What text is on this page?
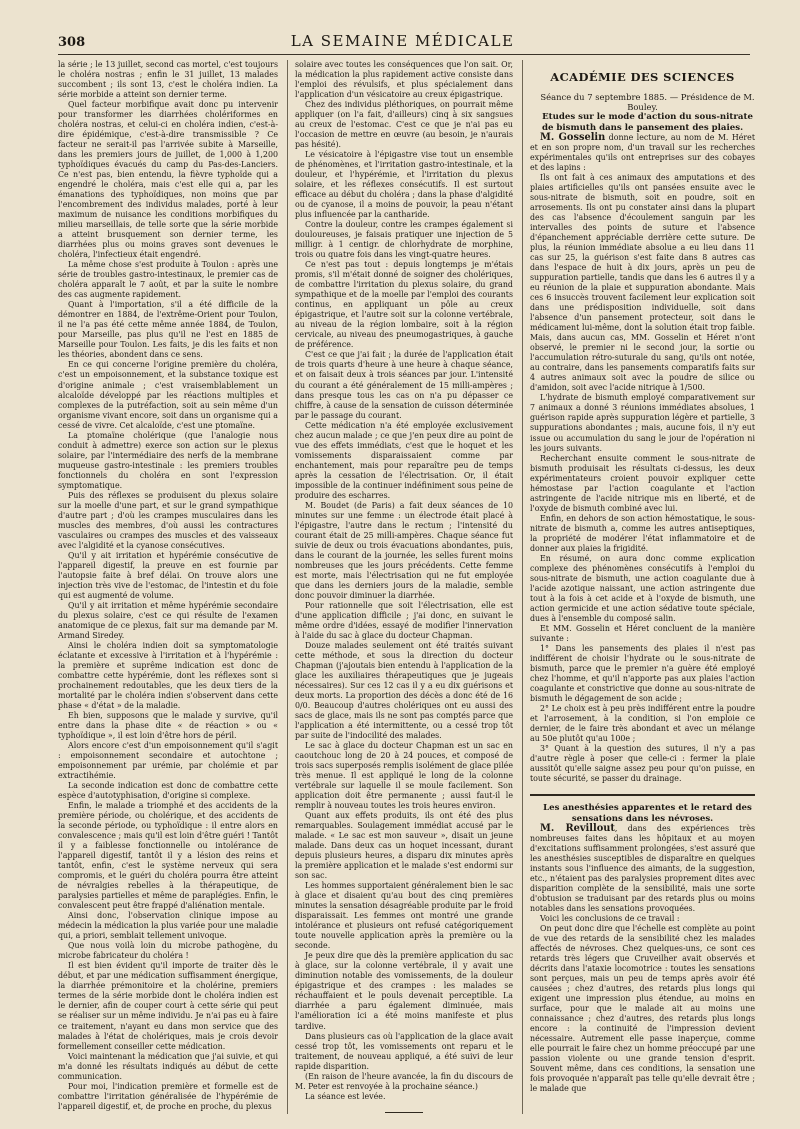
308	LA SEMAINE MÉDICALE

la série ; le 13 juillet, second cas mortel, c'est toujours le choléra nostras ; enfin le 31 juillet, 13 malades succombent ; ils sont 13, c'est le choléra indien. La série morbide a atteint son dernier terme.

Quel facteur morbifique avait donc pu intervenir pour transformer les diarrhées cholériformes en choléra nostras, et celui-ci en choléra indien, c'est-à-dire épidémique, c'est-à-dire transmissible ? Ce facteur ne serait-il pas l'arrivée subite à Marseille, dans les premiers jours de juillet, de 1,000 à 1,200 typhoïdiques évacués du camp du Pas-des-Lanciers. Ce n'est pas, bien entendu, la fièvre typhoïde qui a engendré le choléra, mais c'est elle qui a, par les émanations des typhoïdiques, non moins que par l'encombrement des individus malades, porté à leur maximum de nuisance les conditions morbifiques du milieu marseillais, de telle sorte que la série morbide a atteint brusquement son dernier terme, les diarrhées plus ou moins graves sont devenues le choléra, l'infectieux était engendré.

La même chose s'est produite à Toulon : après une série de troubles gastro-intestinaux, le premier cas de choléra apparaît le 7 août, et par la suite le nombre des cas augmente rapidement.

Quant à l'importation, s'il a été difficile de la démontrer en 1884, de l'extrême-Orient pour Toulon, il ne l'a pas été cette même année 1884, de Toulon, pour Marseille, pas plus qu'il ne l'est en 1885 de Marseille pour Toulon. Les faits, je dis les faits et non les théories, abondent dans ce sens.

En ce qui concerne l'origine première du choléra, c'est un empoisonnement, et la substance toxique est d'origine animale ; c'est vraisemblablement un alcaloïde développé par les réactions multiples et complexes de la putréfaction, soit au sein même d'un organisme vivant encore, soit dans un organisme qui a cessé de vivre. Cet alcaloïde, c'est une ptomaïne.

La ptomaïne cholérique (que l'analogie nous conduit à admettre) exerce son action sur le plexus solaire, par l'intermédiaire des nerfs de la membrane muqueuse gastro-intestinale : les premiers troubles fonctionnels du choléra en sont l'expression symptomatique.

Puis des réflexes se produisent du plexus solaire sur la moelle d'une part, et sur le grand sympathique d'autre part ; d'où les crampes musculaires dans les muscles des membres, d'où aussi les contractures vasculaires ou crampes des muscles et des vaisseaux avec l'algidité et la cyanose consécutives.

Qu'il y ait irritation et hypérémie consécutive de l'appareil digestif, la preuve en est fournie par l'autopsie faite à bref délai. On trouve alors une injection très vive de l'estomac, de l'intestin et du foie qui est augmenté de volume.

Qu'il y ait irritation et même hypérémie secondaire du plexus solaire, c'est ce qui résulte de l'examen anatomique de ce plexus, fait sur ma demande par M. Armand Siredey.

Ainsi le choléra indien doit sa symptomatologie éclatante et excessive à l'irritation et à l'hypérémie : la première et suprême indication est donc de combattre cette hypérémie, dont les réflexes sont si prochainement redoutables, que les deux tiers de la mortalité par le choléra indien s'observent dans cette phase « d'état » de la maladie.

Eh bien, supposons que le malade y survive, qu'il entre dans la phase dite « de réaction » ou « typhoïdique », il est loin d'être hors de péril.

Alors encore c'est d'un empoisonnement qu'il s'agit : empoisonnement secondaire et autochtone ; empoisonnement par urémie, par cholémie et par extractihémie.

La seconde indication est donc de combattre cette espèce d'autotyphisation, d'origine si complexe.

Enfin, le malade a triomphé et des accidents de la première période, ou cholérique, et des accidents de la seconde période, ou typhoïdique : il entre alors en convalescence ; mais qu'il est loin d'être guéri ! Tantôt il y a faiblesse fonctionnelle ou intolérance de l'appareil digestif, tantôt il y a lésion des reins et tantôt, enfin, c'est le système nerveux qui sera compromis, et le guéri du choléra pourra être atteint de névralgies rebelles à la thérapeutique, de paralysies partielles et même de paraplégies. Enfin, le convalescent peut être frappé d'aliénation mentale.

Ainsi donc, l'observation clinique impose au médecin la médication la plus variée pour une maladie qui, a priori, semblait tellement univoque.

Que nous voilà loin du microbe pathogène, du microbe fabricateur du choléra !

Il est bien évident qu'il importe de traiter dès le début, et par une médication suffisamment énergique, la diarrhée prémonitoire et la cholérine, premiers termes de la série morbide dont le choléra indien est le dernier, afin de couper court à cette série qui peut se réaliser sur un même individu. Je n'ai pas eu à faire ce traitement, n'ayant eu dans mon service que des malades à l'état de cholériques, mais je crois devoir formellement conseiller cette médication.

Voici maintenant la médication que j'ai suivie, et qui m'a donné les résultats indiqués au début de cette communication.

Pour moi, l'indication première et formelle est de combattre l'irritation généralisée de l'hypérémie de l'appareil digestif, et, de proche en proche, du plexus

solaire avec toutes les conséquences que l'on sait. Or, la médication la plus rapidement active consiste dans l'emploi des révulsifs, et plus spécialement dans l'application d'un vésicatoire au creux épigastrique.

Chez des individus pléthoriques, on pourrait même appliquer (on l'a fait, d'ailleurs) cinq à six sangsues au creux de l'estomac. C'est ce que je n'ai pas eu l'occasion de mettre en œuvre (au besoin, je n'aurais pas hésité).

Le vésicatoire à l'épigastre vise tout un ensemble de phénomènes, et l'irritation gastro-intestinale, et la douleur, et l'hypérémie, et l'irritation du plexus solaire, et les réflexes consécutifs. Il est surtout efficace au début du choléra ; dans la phase d'algidité ou de cyanose, il a moins de pouvoir, la peau n'étant plus influencée par la cantharide.

Contre la douleur, contre les crampes également si douloureuses, je faisais pratiquer une injection de 5 milligr. à 1 centigr. de chlorhydrate de morphine, trois ou quatre fois dans les vingt-quatre heures.

Ce n'est pas tout : depuis longtemps je m'étais promis, s'il m'était donné de soigner des cholériques, de combattre l'irritation du plexus solaire, du grand sympathique et de la moelle par l'emploi des courants continus, en appliquant un pôle au creux épigastrique, et l'autre soit sur la colonne vertébrale, au niveau de la région lombaire, soit à la région cervicale, au niveau des pneumogastriques, à gauche de préférence.

C'est ce que j'ai fait ; la durée de l'application était de trois quarts d'heure à une heure à chaque séance, et on faisait deux à trois séances par jour. L'intensité du courant a été généralement de 15 milli-ampères ; dans presque tous les cas on n'a pu dépasser ce chiffre, à cause de la sensation de cuisson déterminée par le passage du courant.

Cette médication n'a été employée exclusivement chez aucun malade ; ce que j'en peux dire au point de vue des effets immédiats, c'est que le hoquet et les vomissements disparaissaient comme par enchantement, mais pour reparaître peu de temps après la cessation de l'électrisation. Or, il était impossible de la continuer indéfiniment sous peine de produire des escharres.

M. Boudet (de Paris) a fait deux séances de 10 minutes sur une femme : un électrode était placé à l'épigastre, l'autre dans le rectum ; l'intensité du courant était de 25 milli-ampères. Chaque séance fut suivie de deux ou trois évacuations abondantes, puis, dans le courant de la journée, les selles furent moins nombreuses que les jours précédents. Cette femme est morte, mais l'électrisation qui ne fut employée que dans les derniers jours de la maladie, semble donc pouvoir diminuer la diarrhée.

Pour rationnelle que soit l'électrisation, elle est d'une application difficile ; j'ai donc, en suivant le même ordre d'idées, essayé de modifier l'innervation à l'aide du sac à glace du docteur Chapman.

Douze malades seulement ont été traités suivant cette méthode, et sous la direction du docteur Chapman (j'ajoutais bien entendu à l'application de la glace les auxiliaires thérapeutiques que je jugeais nécessaires). Sur ces 12 cas il y a eu dix guérisons et deux morts. La proportion des décès a donc été de 16 0/0. Beaucoup d'autres cholériques ont eu aussi des sacs de glace, mais ils ne sont pas comptés parce que l'application a été intermittente, ou a cessé trop tôt par suite de l'indocilité des malades.

Le sac à glace du docteur Chapman est un sac en caoutchouc long de 20 à 24 pouces, et composé de trois sacs superposés remplis isolément de glace pilée très menue. Il est appliqué le long de la colonne vertébrale sur laquelle il se moule facilement. Son application doit être permanente ; aussi faut-il le remplir à nouveau toutes les trois heures environ.

Quant aux effets produits, ils ont été des plus remarquables. Soulagement immédiat accusé par le malade. « Le sac est mon sauveur », disait un jeune malade. Dans deux cas un hoquet incessant, durant depuis plusieurs heures, a disparu dix minutes après la première application et le malade s'est endormi sur son sac.

Les hommes supportaient généralement bien le sac à glace et disaient qu'au bout des cinq premières minutes la sensation désagréable produite par le froid disparaissait. Les femmes ont montré une grande intolérance et plusieurs ont refusé catégoriquement toute nouvelle application après la première ou la seconde.

Je peux dire que dès la première application du sac à glace, sur la colonne vertébrale, il y avait une diminution notable des vomissements, de la douleur épigastrique et des crampes : les malades se réchauffaient et le pouls devenait perceptible. La diarrhée a paru également diminuée, mais l'amélioration ici a été moins manifeste et plus tardive.

Dans plusieurs cas où l'application de la glace avait cessé trop tôt, les vomissements ont reparu et le traitement, de nouveau appliqué, a été suivi de leur rapide disparition.

(En raison de l'heure avancée, la fin du discours de M. Peter est renvoyée à la prochaine séance.)

La séance est levée.

ACADÉMIE DES SCIENCES

Séance du 7 septembre 1885. — Présidence de M. Bouley.

Etudes sur le mode d'action du sous-nitrate de bismuth dans le pansement des plaies.

M. Gosselin donne lecture, au nom de M. Héret et en son propre nom, d'un travail sur les recherches expérimentales qu'ils ont entreprises sur des cobayes et des lapins :

Ils ont fait à ces animaux des amputations et des plaies artificielles qu'ils ont pansées ensuite avec le sous-nitrate de bismuth, soit en poudre, soit en arrosements. Ils ont pu constater ainsi dans la plupart des cas l'absence d'écoulement sanguin par les intervalles des points de suture et l'absence d'épanchement appréciable derrière cette suture. De plus, la réunion immédiate absolue a eu lieu dans 11 cas sur 25, la guérison s'est faite dans 8 autres cas dans l'espace de huit à dix jours, après un peu de suppuration partielle, tandis que dans les 6 autres il y a eu réunion de la plaie et suppuration abondante. Mais ces 6 insuccès trouvent facilement leur explication soit dans une prédisposition individuelle, soit dans l'absence d'un pansement protecteur, soit dans le médicament lui-même, dont la solution était trop faible. Mais, dans aucun cas, MM. Gosselin et Héret n'ont observé, le premier ni le second jour, la sortie ou l'accumulation rétro-suturale du sang, qu'ils ont notée, au contraire, dans les pansements comparatifs faits sur 4 autres animaux soit avec la poudre de silice ou d'amidon, soit avec l'acide nitrique à 1/500.

L'hydrate de bismuth employé comparativement sur 7 animaux a donné 3 réunions immédiates absolues, 1 guérison rapide après suppuration légère et partielle, 3 suppurations abondantes ; mais, aucune fois, il n'y eut issue ou accumulation du sang le jour de l'opération ni les jours suivants.

Recherchant ensuite comment le sous-nitrate de bismuth produisait les résultats ci-dessus, les deux expérimentateurs croient pouvoir expliquer cette hémostase par l'action coagulante et l'action astringente de l'acide nitrique mis en liberté, et de l'oxyde de bismuth combiné avec lui.

Enfin, en dehors de son action hémostatique, le sous-nitrate de bismuth a, comme les autres antiseptiques, la propriété de modérer l'état inflammatoire et de donner aux plaies la frigidité.

En résumé, on aura donc comme explication complexe des phénomènes consécutifs à l'emploi du sous-nitrate de bismuth, une action coagulante due à l'acide azotique naissant, une action astringente due tout à la fois à cet acide et à l'oxyde de bismuth, une action germicide et une action sédative toute spéciale, dues à l'ensemble du composé salin.

Et MM. Gosselin et Héret concluent de la manière suivante :

1° Dans les pansements des plaies il n'est pas indifférent de choisir l'hydrate ou le sous-nitrate de bismuth, parce que le premier n'a guère été employé chez l'homme, et qu'il n'apporte pas aux plaies l'action coagulante et constrictive que donne au sous-nitrate de bismuth le dégagement de son acide ;

2° Le choix est à peu près indifférent entre la poudre et l'arrosement, à la condition, si l'on emploie ce dernier, de le faire très abondant et avec un mélange au 50e plutôt qu'au 100e ;

3° Quant à la question des sutures, il n'y a pas d'autre règle à poser que celle-ci : fermer la plaie aussitôt qu'elle saigne assez peu pour qu'on puisse, en toute sécurité, se passer du drainage.

Les anesthésies apparentes et le retard des sensations dans les névroses.

M. Revillout, dans des expériences très nombreuses faites dans les hôpitaux et au moyen d'excitations suffisamment prolongées, s'est assuré que les anesthésies susceptibles de disparaître en quelques instants sous l'influence des aimants, de la suggestion, etc., n'étaient pas des paralysies proprement dites avec disparition complète de la sensibilité, mais une sorte d'obtusion se traduisant par des retards plus ou moins notables dans les sensations provoquées.

Voici les conclusions de ce travail :

On peut donc dire que l'échelle est complète au point de vue des retards de la sensibilité chez les malades affectés de névroses. Chez quelques-uns, ce sont ces retards très légers que Cruveilher avait observés et décrits dans l'ataxie locomotrice : toutes les sensations sont perçues, mais un peu de temps après avoir été causées ; chez d'autres, des retards plus longs qui exigent une impression plus étendue, au moins en surface, pour que le malade ait au moins une connaissance ; chez d'autres, des retards plus longs encore : la continuité de l'impression devient nécessaire. Autrement elle passe inaperçue, comme elle pourrait le faire chez un homme préoccupé par une passion violente ou une grande tension d'esprit. Souvent même, dans ces conditions, la sensation une fois provoquée n'apparaît pas telle qu'elle devrait être ; le malade que
